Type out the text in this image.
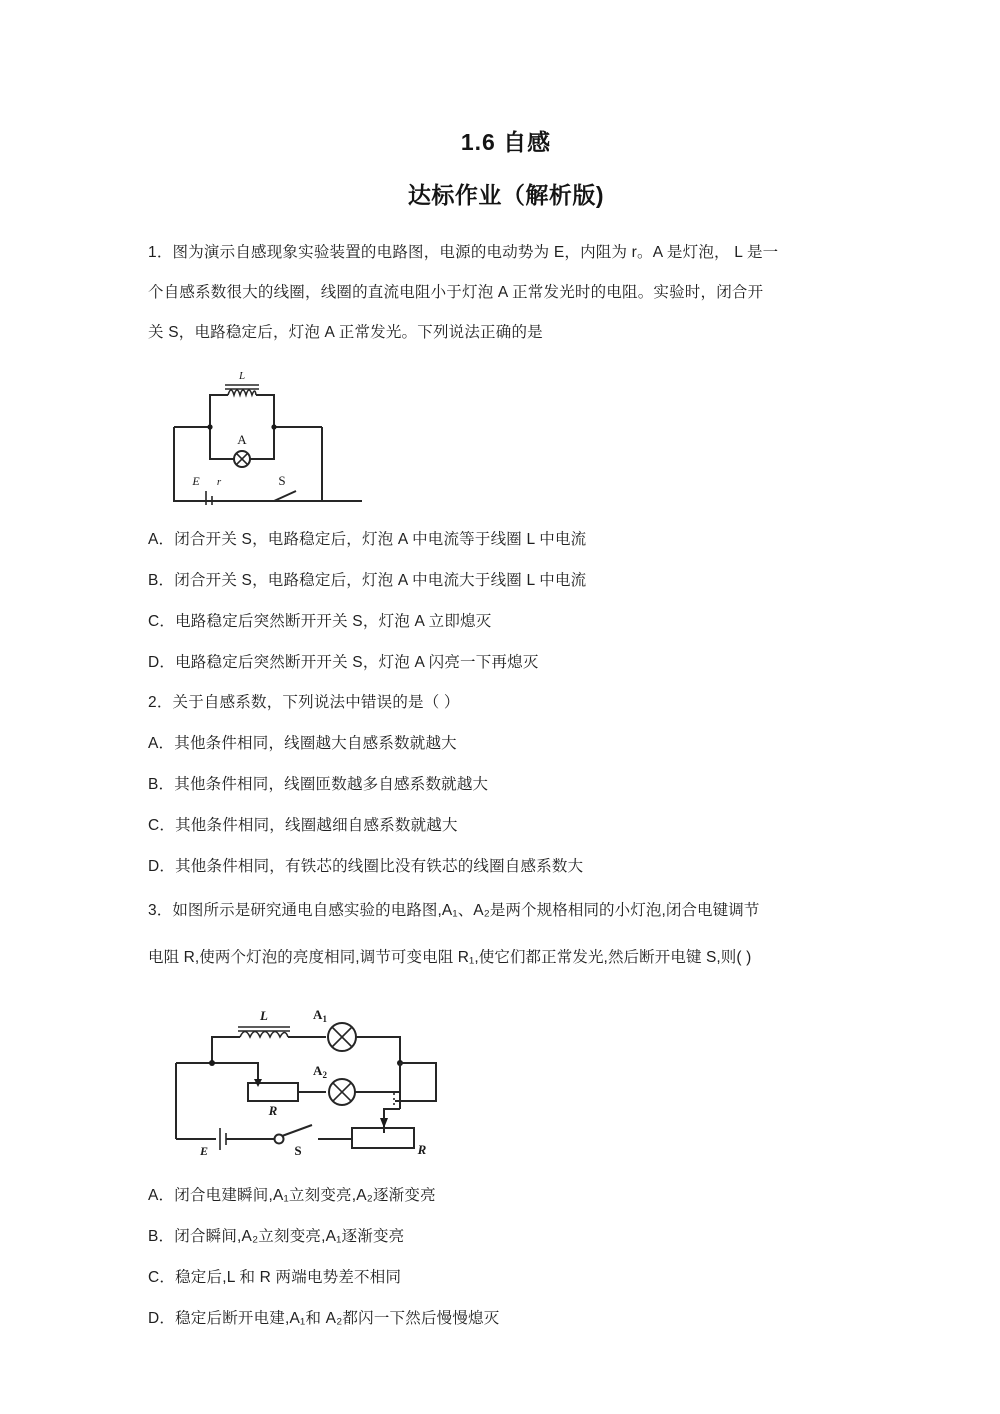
1.6 自感
达标作业（解析版)
1．图为演示自感现象实验装置的电路图，电源的电动势为 E，内阻为 r。A 是灯泡， L 是一
个自感系数很大的线圈，线圈的直流电阻小于灯泡 A 正常发光时的电阻。实验时，闭合开
关 S，电路稳定后，灯泡 A 正常发光。下列说法正确的是
L
A
E r	S
A．闭合开关 S，电路稳定后，灯泡 A 中电流等于线圈 L 中电流
B．闭合开关 S，电路稳定后，灯泡 A 中电流大于线圈 L 中电流
C．电路稳定后突然断开开关 S，灯泡 A 立即熄灭
D．电路稳定后突然断开开关 S，灯泡 A 闪亮一下再熄灭
2．关于自感系数，下列说法中错误的是（ ）
A．其他条件相同，线圈越大自感系数就越大
B．其他条件相同，线圈匝数越多自感系数就越大
C．其他条件相同，线圈越细自感系数就越大
D．其他条件相同，有铁芯的线圈比没有铁芯的线圈自感系数大
3．如图所示是研究通电自感实验的电路图,A₁、A₂是两个规格相同的小灯泡,闭合电键调节
电阻 R,使两个灯泡的亮度相同,调节可变电阻 R₁,使它们都正常发光,然后断开电键 S,则( )
L	$A_1$
R
$A_2$
E	S	R
A．闭合电建瞬间,A₁立刻变亮,A₂逐渐变亮
B．闭合瞬间,A₂立刻变亮,A₁逐渐变亮
C．稳定后,L 和 R 两端电势差不相同
D．稳定后断开电建,A₁和 A₂都闪一下然后慢慢熄灭
